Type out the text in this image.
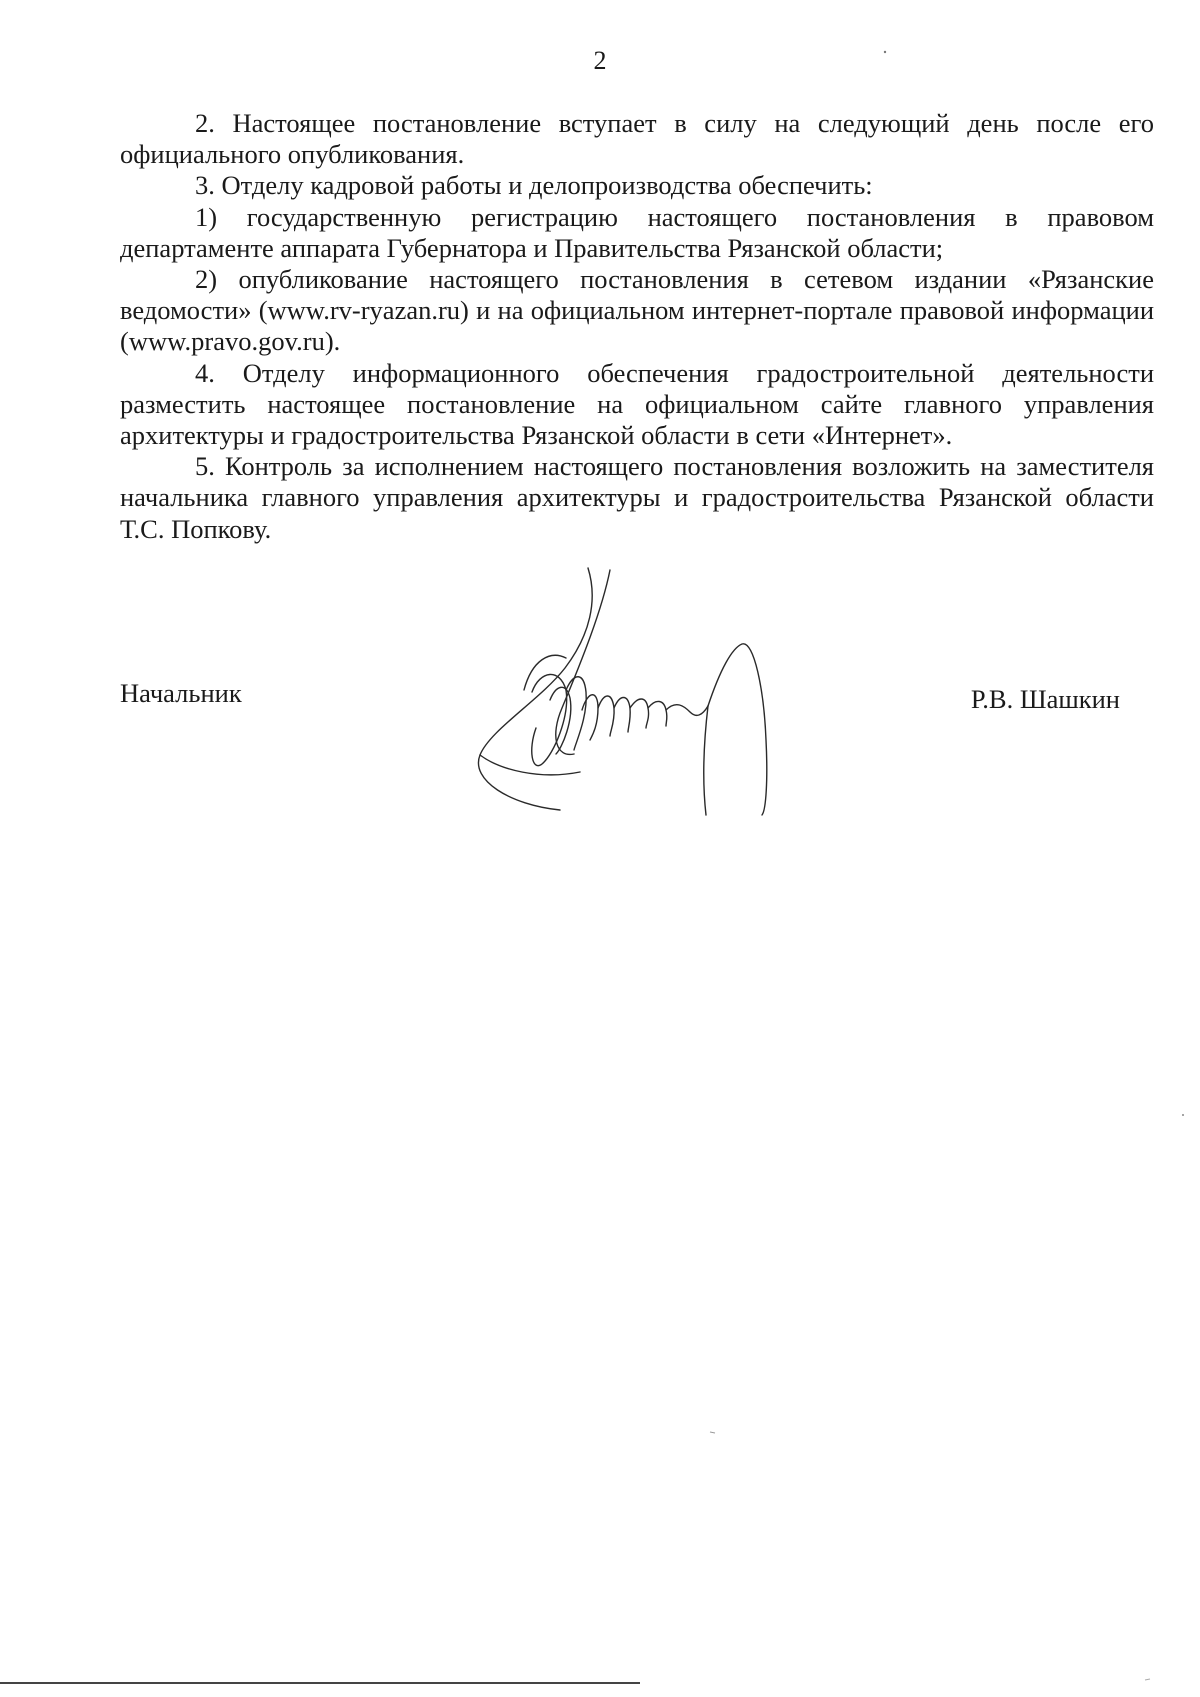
2

2. Настоящее постановление вступает в силу на следующий день после его официального опубликования.

3. Отделу кадровой работы и делопроизводства обеспечить:

1) государственную регистрацию настоящего постановления в правовом департаменте аппарата Губернатора и Правительства Рязанской области;

2) опубликование настоящего постановления в сетевом издании «Рязанские ведомости» (www.rv-ryazan.ru) и на официальном интернет-портале правовой информации (www.pravo.gov.ru).

4. Отделу информационного обеспечения градостроительной деятельности разместить настоящее постановление на официальном сайте главного управления архитектуры и градостроительства Рязанской области в сети «Интернет».

5. Контроль за исполнением настоящего постановления возложить на заместителя начальника главного управления архитектуры и градостроительства Рязанской области Т.С. Попкову.

Начальник	Р.В. Шашкин
